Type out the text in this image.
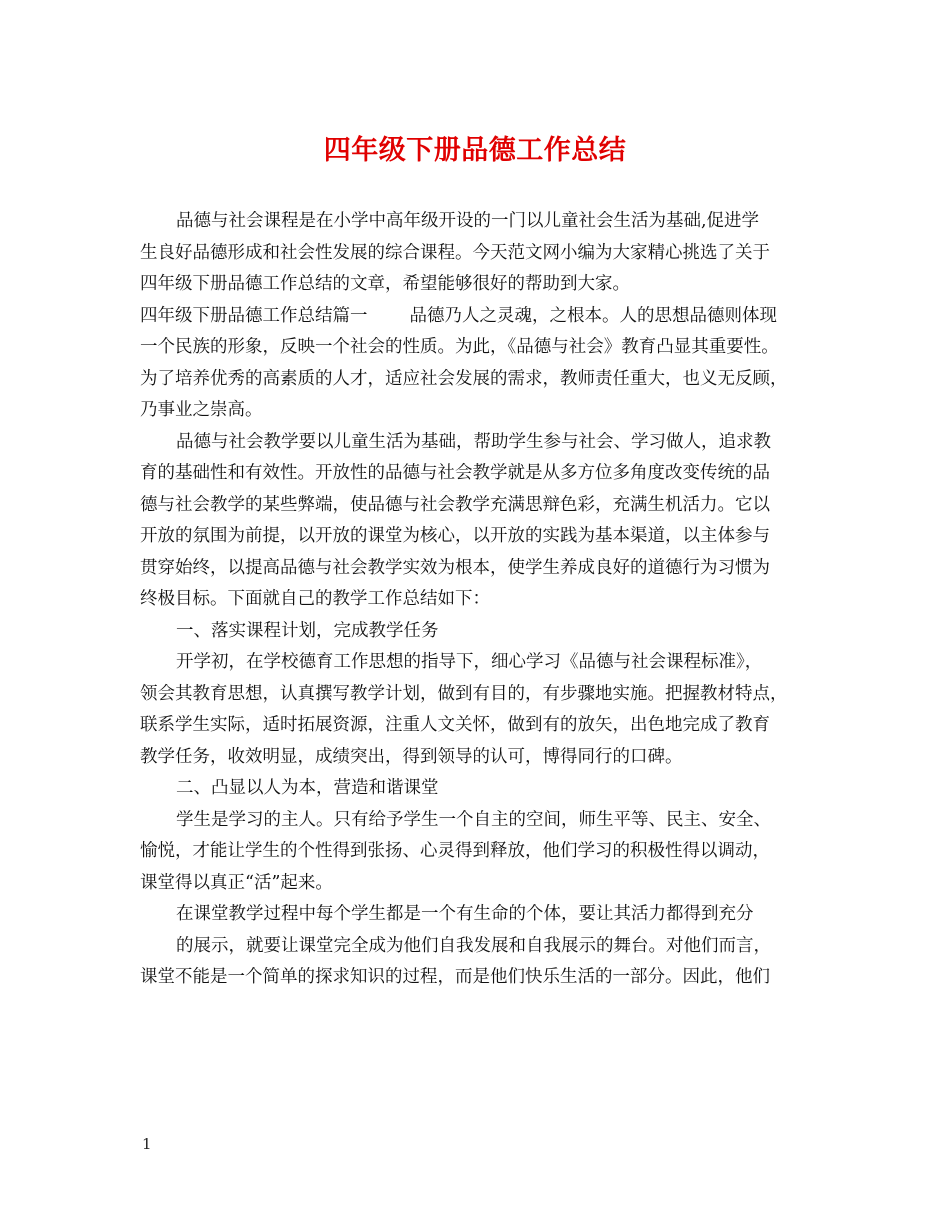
四年级下册品德工作总结
品德与社会课程是在小学中高年级开设的一门以儿童社会生活为基础,促进学
生良好品德形成和社会性发展的综合课程。今天范文网小编为大家精心挑选了关于
四年级下册品德工作总结的文章，希望能够很好的帮助到大家。
四年级下册品德工作总结篇一 品德乃人之灵魂，之根本。人的思想品德则体现
一个民族的形象，反映一个社会的性质。为此，《品德与社会》教育凸显其重要性。
为了培养优秀的高素质的人才，适应社会发展的需求，教师责任重大，也义无反顾，
乃事业之崇高。
品德与社会教学要以儿童生活为基础，帮助学生参与社会、学习做人，追求教
育的基础性和有效性。开放性的品德与社会教学就是从多方位多角度改变传统的品
德与社会教学的某些弊端，使品德与社会教学充满思辩色彩，充满生机活力。它以
开放的氛围为前提，以开放的课堂为核心，以开放的实践为基本渠道，以主体参与
贯穿始终，以提高品德与社会教学实效为根本，使学生养成良好的道德行为习惯为
终极目标。下面就自己的教学工作总结如下：
一、落实课程计划，完成教学任务
开学初，在学校德育工作思想的指导下，细心学习《品德与社会课程标准》，
领会其教育思想，认真撰写教学计划，做到有目的，有步骤地实施。把握教材特点，
联系学生实际，适时拓展资源，注重人文关怀，做到有的放矢，出色地完成了教育
教学任务，收效明显，成绩突出，得到领导的认可，博得同行的口碑。
二、凸显以人为本，营造和谐课堂
学生是学习的主人。只有给予学生一个自主的空间，师生平等、民主、安全、
愉悦，才能让学生的个性得到张扬、心灵得到释放，他们学习的积极性得以调动，
课堂得以真正“活”起来。
在课堂教学过程中每个学生都是一个有生命的个体，要让其活力都得到充分
的展示，就要让课堂完全成为他们自我发展和自我展示的舞台。对他们而言，
课堂不能是一个简单的探求知识的过程，而是他们快乐生活的一部分。因此，他们
1
